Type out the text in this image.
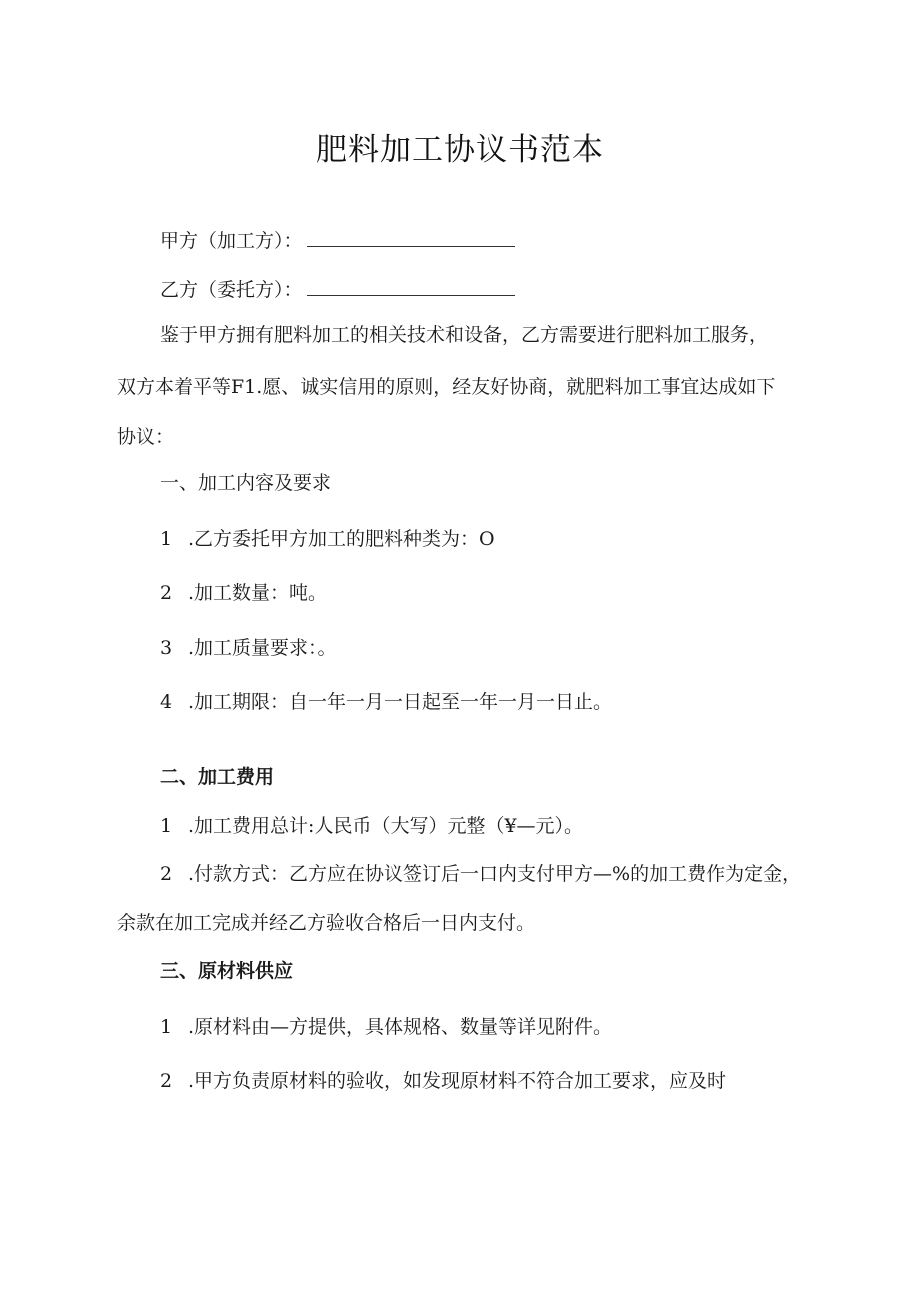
肥料加工协议书范本
甲方（加工方）：
乙方（委托方）：
鉴于甲方拥有肥料加工的相关技术和设备，乙方需要进行肥料加工服务，
双方本着平等F1.愿、诚实信用的原则，经友好协商，就肥料加工事宜达成如下
协议：
一、加工内容及要求
1 .乙方委托甲方加工的肥料种类为：O
2 .加工数量：吨。
3 .加工质量要求：。
4 .加工期限：自一年一月一日起至一年一月一日止。
二、加工费用
1 .加工费用总计:人民币（大写）元整（¥—元）。
2 .付款方式：乙方应在协议签订后一口内支付甲方—%的加工费作为定金，
余款在加工完成并经乙方验收合格后一日内支付。
三、原材料供应
1 .原材料由—方提供，具体规格、数量等详见附件。
2 .甲方负责原材料的验收，如发现原材料不符合加工要求，应及时
